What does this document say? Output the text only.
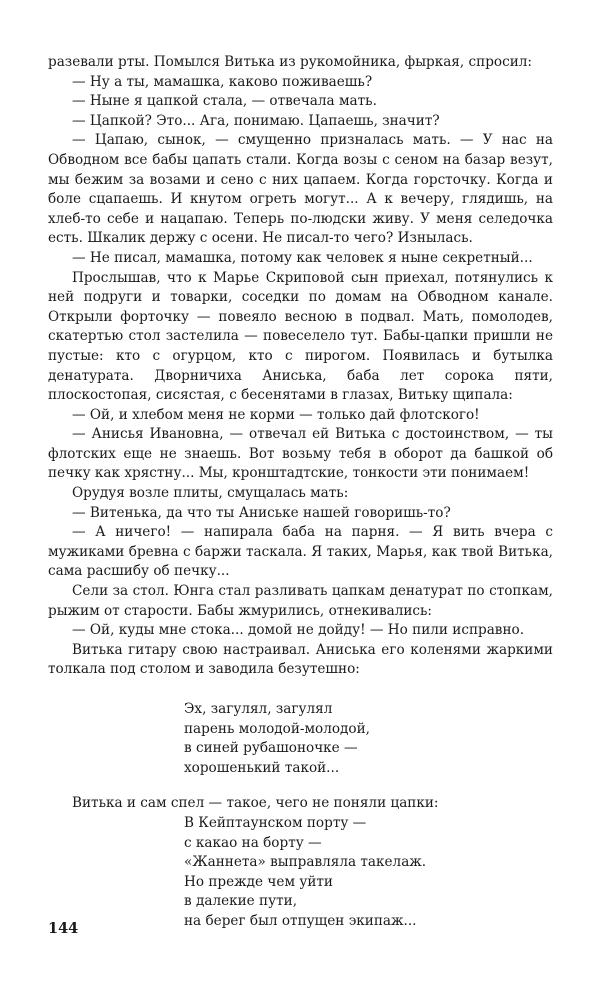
разевали рты. Помылся Витька из рукомойника, фыркая, спросил:

— Ну а ты, мамашка, каково поживаешь?

— Ныне я цапкой стала, — отвечала мать.

— Цапкой? Это... Ага, понимаю. Цапаешь, значит?

— Цапаю, сынок, — смущенно призналась мать. — У нас на Обводном все бабы цапать стали. Когда возы с сеном на базар везут, мы бежим за возами и сено с них цапаем. Когда горсточку. Когда и боле сцапаешь. И кнутом огреть могут... А к вечеру, глядишь, на хлеб-то себе и нацапаю. Теперь по-людски живу. У меня селедочка есть. Шкалик держу с осени. Не писал-то чего? Изнылась.

— Не писал, мамашка, потому как человек я ныне секретный...

Прослышав, что к Марье Скриповой сын приехал, потянулись к ней подруги и товарки, соседки по домам на Обводном канале. Открыли форточку — повеяло весною в подвал. Мать, помолодев, скатертью стол застелила — повеселело тут. Бабы-цапки пришли не пустые: кто с огурцом, кто с пирогом. Появилась и бутылка денатурата. Дворничиха Аниська, баба лет сорока пяти, плоскостопая, сисястая, с бесенятами в глазах, Витьку щипала:

— Ой, и хлебом меня не корми — только дай флотского!

— Анисья Ивановна, — отвечал ей Витька с достоинством, — ты флотских еще не знаешь. Вот возьму тебя в оборот да башкой об печку как хрястну... Мы, кронштадтские, тонкости эти понимаем!

Орудуя возле плиты, смущалась мать:

— Витенька, да что ты Аниське нашей говоришь-то?

— А ничего! — напирала баба на парня. — Я вить вчера с мужиками бревна с баржи таскала. Я таких, Марья, как твой Витька, сама расшибу об печку...

Сели за стол. Юнга стал разливать цапкам денатурат по стопкам, рыжим от старости. Бабы жмурились, отнекивались:

— Ой, куды мне стока... домой не дойду! — Но пили исправно.

Витька гитару свою настраивал. Аниська его коленями жаркими толкала под столом и заводила безутешно:

Эх, загулял, загулял
парень молодой-молодой,
в синей рубашоночке —
хорошенький такой...

Витька и сам спел — такое, чего не поняли цапки:

В Кейптаунском порту —
с какао на борту —
«Жаннета» выправляла такелаж.
Но прежде чем уйти
в далекие пути,
на берег был отпущен экипаж...
144
